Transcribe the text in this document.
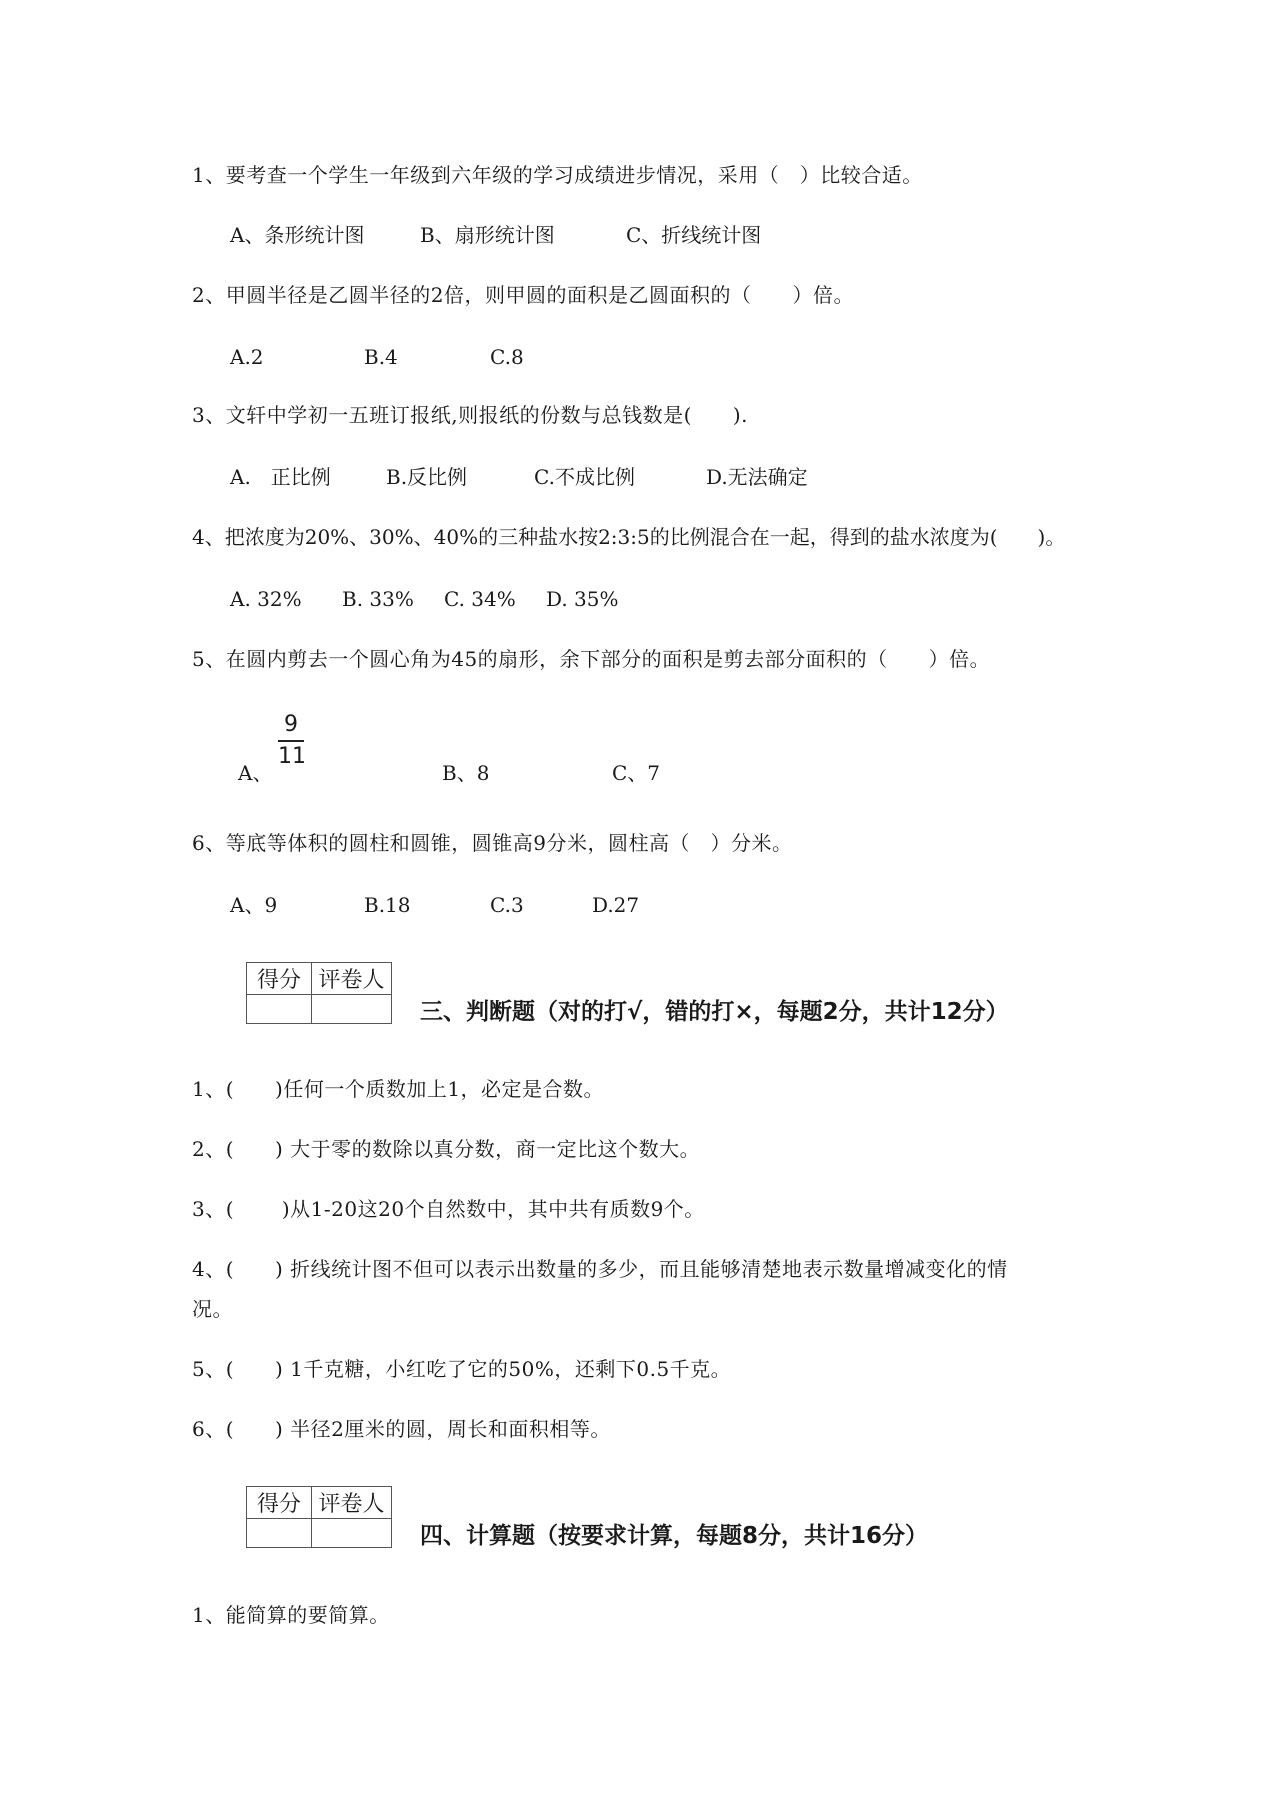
1、要考查一个学生一年级到六年级的学习成绩进步情况，采用（　）比较合适。
A、条形统计图	B、扇形统计图	C、折线统计图
2、甲圆半径是乙圆半径的2倍，则甲圆的面积是乙圆面积的（　　）倍。
A.2	B.4	C.8
3、文轩中学初一五班订报纸,则报纸的份数与总钱数是(　　).
A.　正比例	B.反比例	C.不成比例	D.无法确定
4、把浓度为20%、30%、40%的三种盐水按2:3:5的比例混合在一起，得到的盐水浓度为(　　)。
A. 32% B. 33% C. 34% D. 35%
5、在圆内剪去一个圆心角为45的扇形，余下部分的面积是剪去部分面积的（　　）倍。
A、
9
11
B、8	C、7
6、等底等体积的圆柱和圆锥，圆锥高9分米，圆柱高（　）分米。
A、9	B.18	C.3	D.27
得分	评卷人

三、判断题（对的打√，错的打×，每题2分，共计12分）
1、(　　)任何一个质数加上1，必定是合数。
2、(　　) 大于零的数除以真分数，商一定比这个数大。
3、(　　 )从1-20这20个自然数中，其中共有质数9个。
4、(　　) 折线统计图不但可以表示出数量的多少，而且能够清楚地表示数量增减变化的情
况。
5、(　　) 1千克糖，小红吃了它的50%，还剩下0.5千克。
6、(　　) 半径2厘米的圆，周长和面积相等。
得分	评卷人

四、计算题（按要求计算，每题8分，共计16分）
1、能简算的要简算。
